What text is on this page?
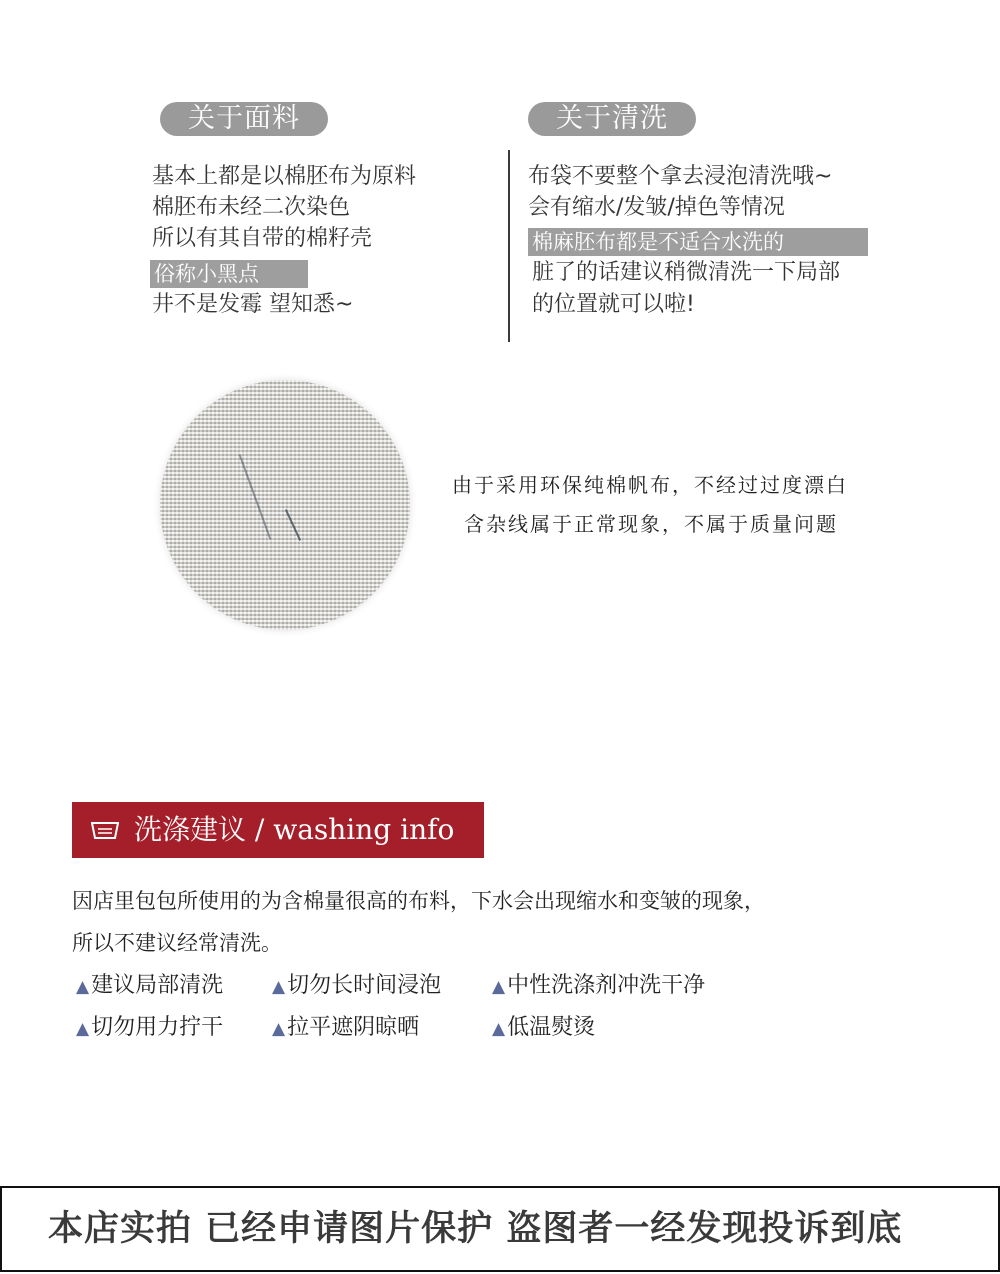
关于面料
基本上都是以棉胚布为原料
棉胚布未经二次染色
所以有其自带的棉籽壳
俗称小黑点
井不是发霉 望知悉~
关于清洗
布袋不要整个拿去浸泡清洗哦~
会有缩水/发皱/掉色等情况
棉麻胚布都是不适合水洗的
脏了的话建议稍微清洗一下局部
的位置就可以啦!
由于采用环保纯棉帆布，不经过过度漂白
含杂线属于正常现象，不属于质量问题
洗涤建议 / washing info
因店里包包所使用的为含棉量很高的布料，下水会出现缩水和变皱的现象，
所以不建议经常清洗。
▲建议局部清洗	▲切勿长时间浸泡	▲中性洗涤剂冲洗干净
▲切勿用力拧干	▲拉平遮阴晾晒	▲低温熨烫
本店实拍 已经申请图片保护 盗图者一经发现投诉到底
